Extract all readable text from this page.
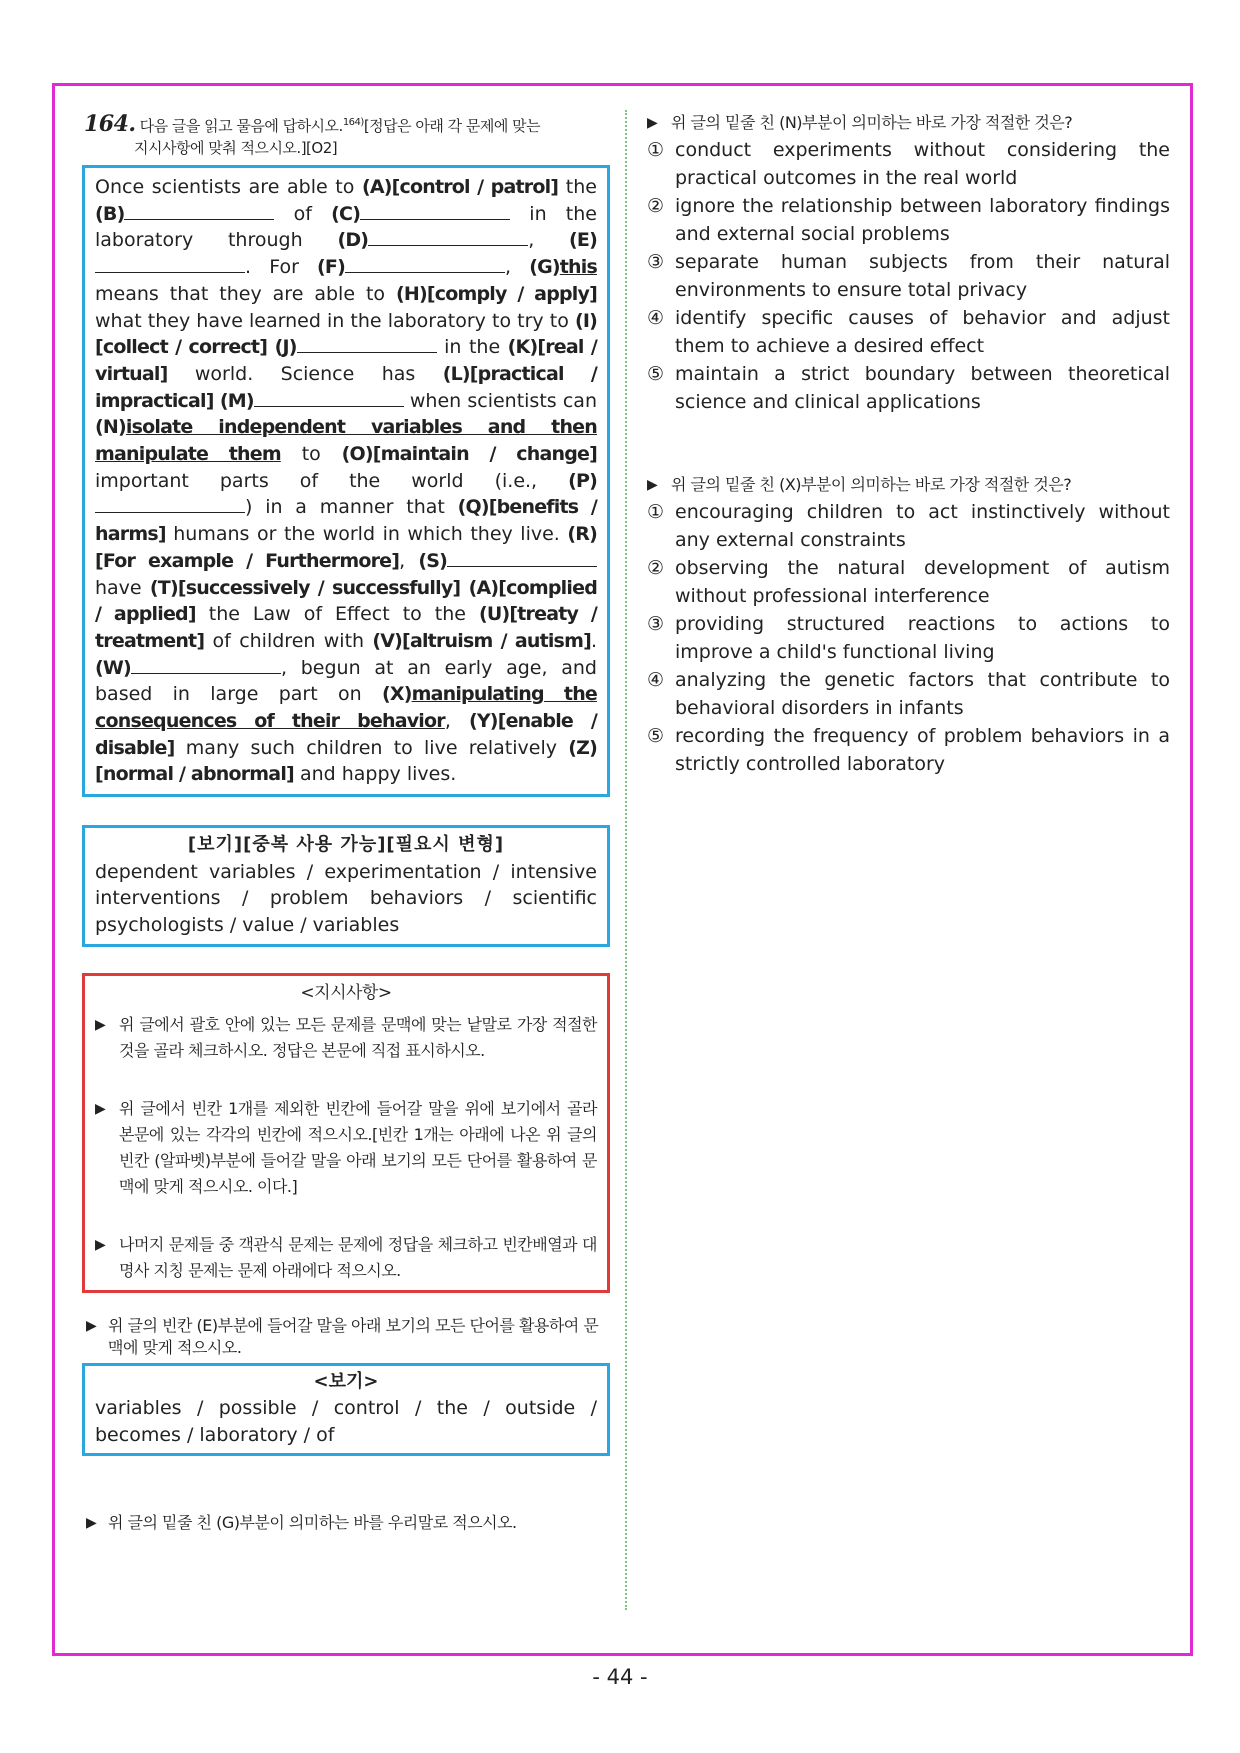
164. 다음 글을 읽고 물음에 답하시오.$^{164)}$[정답은 아래 각 문제에 맞는
지시사항에 맞춰 적으시오.][O2]
Once scientists are able to (A)[control / patrol] the (B)	of (C)	in the laboratory through (D)	, (E). For (F)	, (G)this means that they are able to (H)[comply / apply] what they have learned in the laboratory to try to (I)[collect / correct] (J)	in the (K)[real / virtual] world. Science has (L)[practical / impractical] (M)	when scientists can (N)isolate independent variables and then manipulate them to (O)[maintain / change] important parts of the world (i.e., (P)) in a manner that (Q)[benefits / harms] humans or the world in which they live. (R)[For example / Furthermore], (S) have (T)[successively / successfully] (A)[complied / applied] the Law of Effect to the (U)[treaty / treatment] of children with (V)[altruism / autism]. (W)	, begun at an early age, and based in large part on (X)manipulating the consequences of their behavior, (Y)[enable / disable] many such children to live relatively (Z)[normal / abnormal] and happy lives.
[보기][중복 사용 가능][필요시 변형]
dependent variables / experimentation / intensive interventions / problem behaviors / scientific psychologists / value / variables
<지시사항>
▶ 위 글에서 괄호 안에 있는 모든 문제를 문맥에 맞는 낱말로 가장 적절한 것을 골라 체크하시오. 정답은 본문에 직접 표시하시오.
▶ 위 글에서 빈칸 1개를 제외한 빈칸에 들어갈 말을 위에 보기에서 골라 본문에 있는 각각의 빈칸에 적으시오.[빈칸 1개는 아래에 나온 위 글의 빈칸 (알파벳)부분에 들어갈 말을 아래 보기의 모든 단어를 활용하여 문맥에 맞게 적으시오. 이다.]
▶ 나머지 문제들 중 객관식 문제는 문제에 정답을 체크하고 빈칸배열과 대명사 지칭 문제는 문제 아래에다 적으시오.
▶ 위 글의 빈칸 (E)부분에 들어갈 말을 아래 보기의 모든 단어를 활용하여 문맥에 맞게 적으시오.
<보기>
variables / possible / control / the / outside / becomes / laboratory / of
▶ 위 글의 밑줄 친 (G)부분이 의미하는 바를 우리말로 적으시오.
▶ 위 글의 밑줄 친 (N)부분이 의미하는 바로 가장 적절한 것은?
① conduct experiments without considering the practical outcomes in the real world
② ignore the relationship between laboratory findings and external social problems
③ separate human subjects from their natural environments to ensure total privacy
④ identify specific causes of behavior and adjust them to achieve a desired effect
⑤ maintain a strict boundary between theoretical science and clinical applications
▶ 위 글의 밑줄 친 (X)부분이 의미하는 바로 가장 적절한 것은?
① encouraging children to act instinctively without any external constraints
② observing the natural development of autism without professional interference
③ providing structured reactions to actions to improve a child's functional living
④ analyzing the genetic factors that contribute to behavioral disorders in infants
⑤ recording the frequency of problem behaviors in a strictly controlled laboratory
- 44 -
